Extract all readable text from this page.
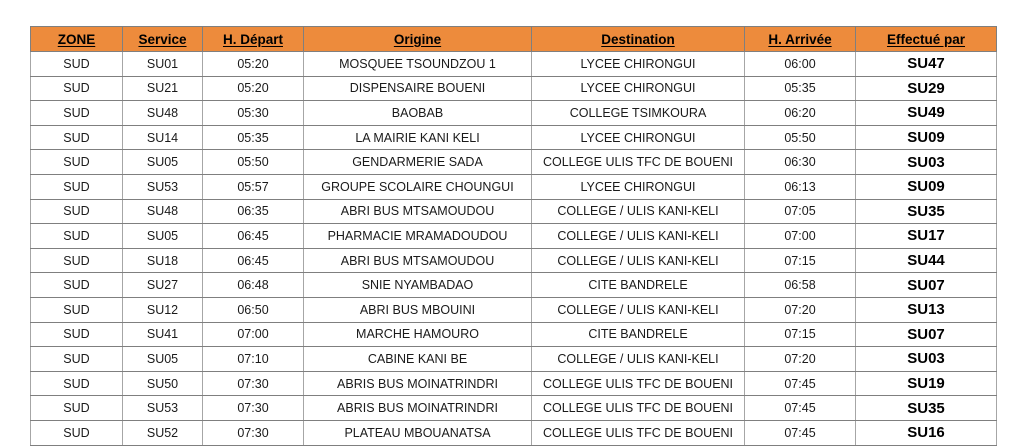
ZONE	Service	H. Départ	Origine	Destination	H. Arrivée	Effectué par
SUD	SU01	05:20	MOSQUEE TSOUNDZOU 1	LYCEE CHIRONGUI	06:00	SU47
SUD	SU21	05:20	DISPENSAIRE BOUENI	LYCEE CHIRONGUI	05:35	SU29
SUD	SU48	05:30	BAOBAB	COLLEGE TSIMKOURA	06:20	SU49
SUD	SU14	05:35	LA MAIRIE KANI KELI	LYCEE CHIRONGUI	05:50	SU09
SUD	SU05	05:50	GENDARMERIE SADA	COLLEGE ULIS TFC DE BOUENI	06:30	SU03
SUD	SU53	05:57	GROUPE SCOLAIRE CHOUNGUI	LYCEE CHIRONGUI	06:13	SU09
SUD	SU48	06:35	ABRI BUS MTSAMOUDOU	COLLEGE / ULIS KANI-KELI	07:05	SU35
SUD	SU05	06:45	PHARMACIE MRAMADOUDOU	COLLEGE / ULIS KANI-KELI	07:00	SU17
SUD	SU18	06:45	ABRI BUS MTSAMOUDOU	COLLEGE / ULIS KANI-KELI	07:15	SU44
SUD	SU27	06:48	SNIE NYAMBADAO	CITE BANDRELE	06:58	SU07
SUD	SU12	06:50	ABRI BUS MBOUINI	COLLEGE / ULIS KANI-KELI	07:20	SU13
SUD	SU41	07:00	MARCHE HAMOURO	CITE BANDRELE	07:15	SU07
SUD	SU05	07:10	CABINE KANI BE	COLLEGE / ULIS KANI-KELI	07:20	SU03
SUD	SU50	07:30	ABRIS BUS MOINATRINDRI	COLLEGE ULIS TFC DE BOUENI	07:45	SU19
SUD	SU53	07:30	ABRIS BUS MOINATRINDRI	COLLEGE ULIS TFC DE BOUENI	07:45	SU35
SUD	SU52	07:30	PLATEAU MBOUANATSA	COLLEGE ULIS TFC DE BOUENI	07:45	SU16
